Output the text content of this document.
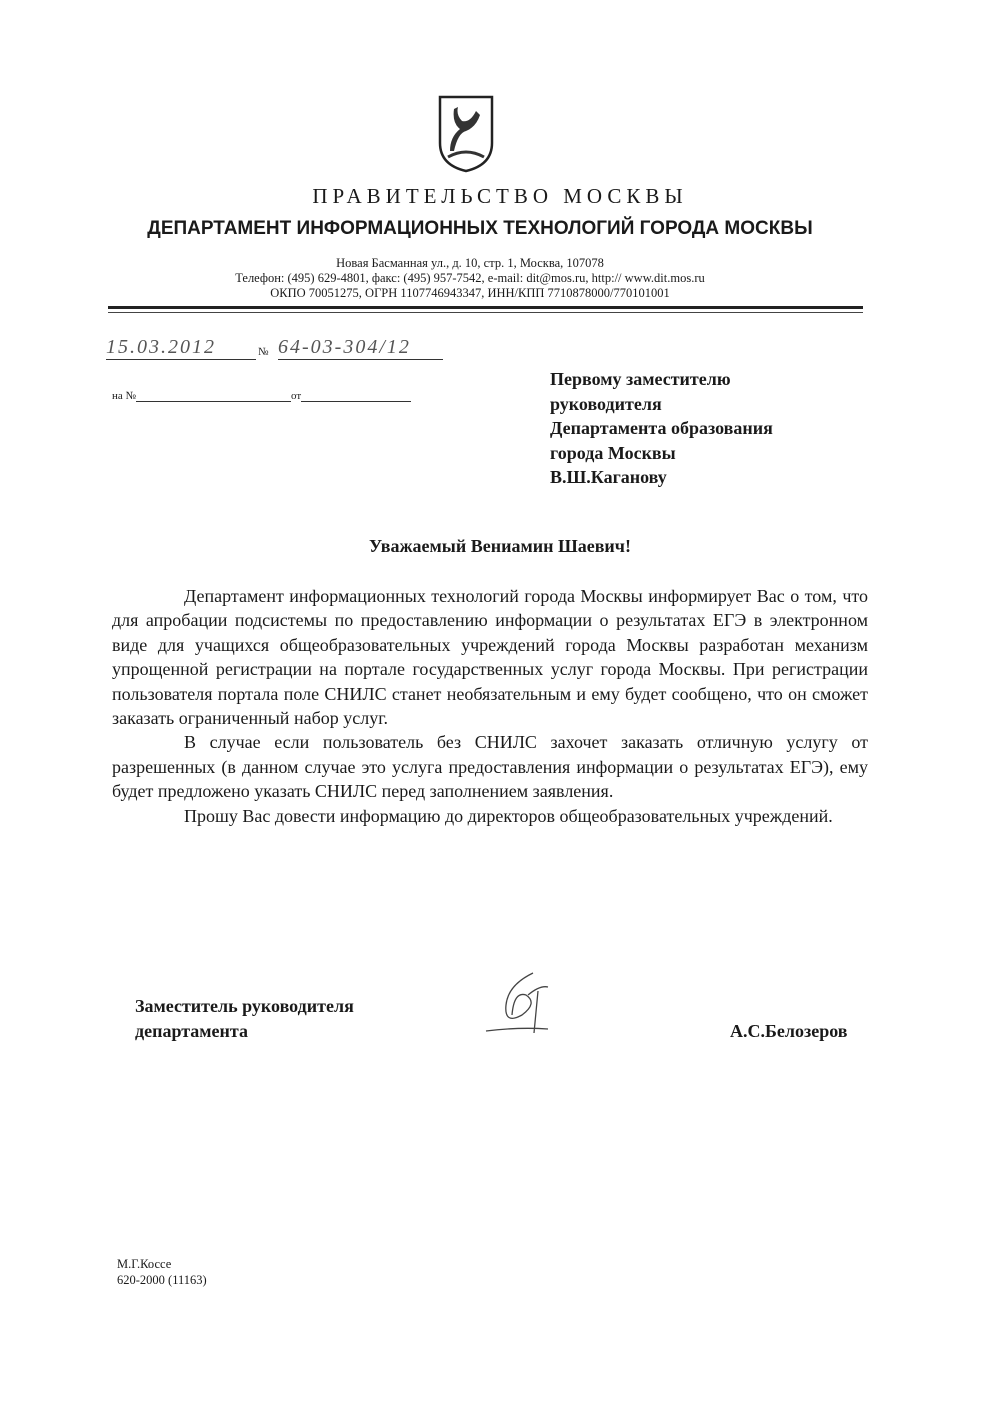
ПРАВИТЕЛЬСТВО МОСКВЫ
ДЕПАРТАМЕНТ ИНФОРМАЦИОННЫХ ТЕХНОЛОГИЙ ГОРОДА МОСКВЫ
Новая Басманная ул., д. 10, стр. 1, Москва, 107078
Телефон: (495) 629-4801, факс: (495) 957-7542, e-mail: dit@mos.ru, http:// www.dit.mos.ru
ОКПО 70051275, ОГРН 1107746943347, ИНН/КПП 7710878000/770101001
15.03.2012	№ 64-03-304/12
на №	от
Первому заместителю
руководителя
Департамента образования
города Москвы
В.Ш.Каганову
Уважаемый Вениамин Шаевич!

Департамент информационных технологий города Москвы информирует Вас о том, что для апробации подсистемы по предоставлению информации о результатах ЕГЭ в электронном виде для учащихся общеобразовательных учреждений города Москвы разработан механизм упрощенной регистрации на портале государственных услуг города Москвы. При регистрации пользователя портала поле СНИЛС станет необязательным и ему будет сообщено, что он сможет заказать ограниченный набор услуг.

В случае если пользователь без СНИЛС захочет заказать отличную услугу от разрешенных (в данном случае это услуга предоставления информации о результатах ЕГЭ), ему будет предложено указать СНИЛС перед заполнением заявления.

Прошу Вас довести информацию до директоров общеобразовательных учреждений.

Заместитель руководителя
департамента	А.С.Белозеров
М.Г.Коссе
620-2000 (11163)
